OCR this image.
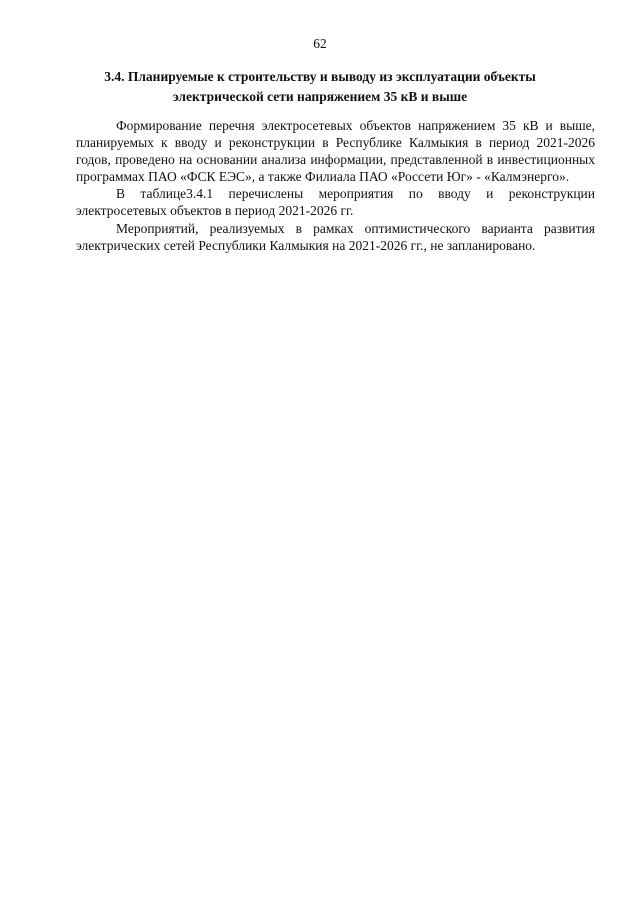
62
3.4. Планируемые к строительству и выводу из эксплуатации объекты
электрической сети напряжением 35 кВ и выше

Формирование перечня электросетевых объектов напряжением 35 кВ и выше, планируемых к вводу и реконструкции в Республике Калмыкия в период 2021-2026 годов, проведено на основании анализа информации, представленной в инвестиционных программах ПАО «ФСК ЕЭС», а также Филиала ПАО «Россети Юг» - «Калмэнерго».

В таблице3.4.1 перечислены мероприятия по вводу и реконструкции электросетевых объектов в период 2021-2026 гг.

Мероприятий, реализуемых в рамках оптимистического варианта развития электрических сетей Республики Калмыкия на 2021-2026 гг., не запланировано.
